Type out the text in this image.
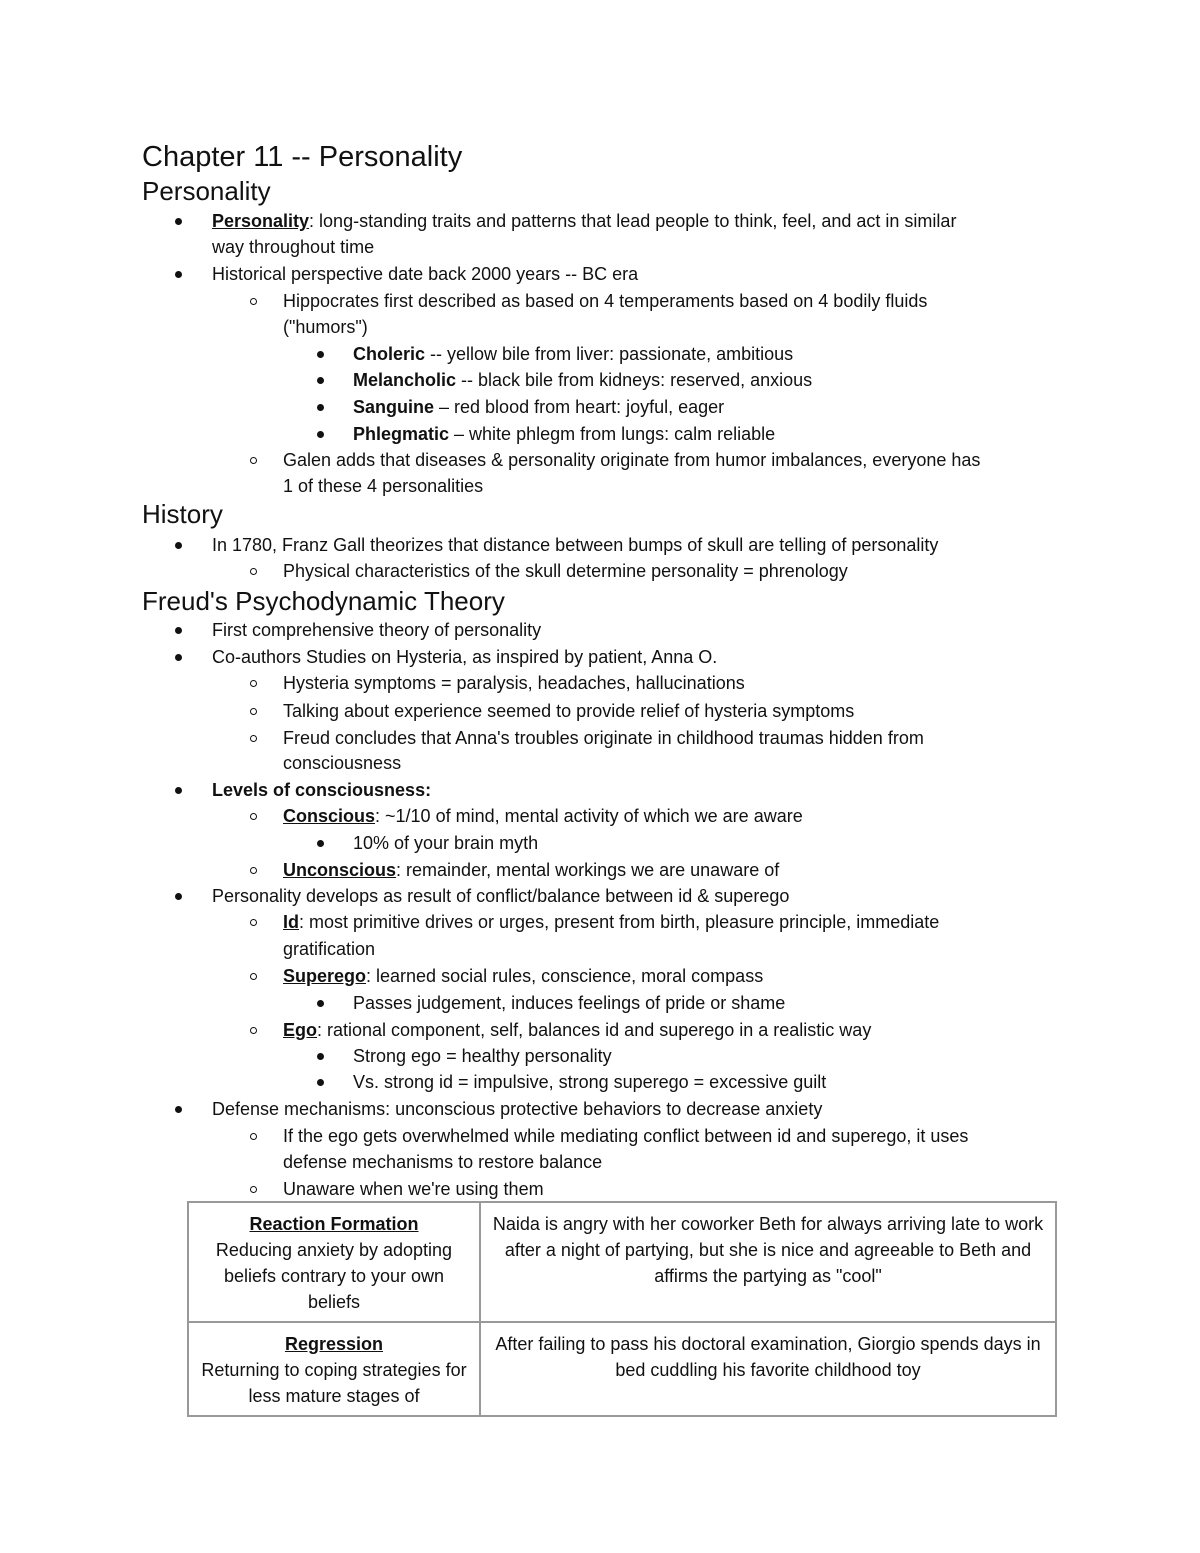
Chapter 11 -- Personality
Personality
Personality: long-standing traits and patterns that lead people to think, feel, and act in similar
way throughout time
Historical perspective date back 2000 years -- BC era
Hippocrates first described as based on 4 temperaments based on 4 bodily fluids
("humors")
Choleric -- yellow bile from liver: passionate, ambitious
Melancholic -- black bile from kidneys: reserved, anxious
Sanguine – red blood from heart: joyful, eager
Phlegmatic – white phlegm from lungs: calm reliable
Galen adds that diseases & personality originate from humor imbalances, everyone has
1 of these 4 personalities
History
In 1780, Franz Gall theorizes that distance between bumps of skull are telling of personality
Physical characteristics of the skull determine personality = phrenology
Freud's Psychodynamic Theory
First comprehensive theory of personality
Co-authors Studies on Hysteria, as inspired by patient, Anna O.
Hysteria symptoms = paralysis, headaches, hallucinations
Talking about experience seemed to provide relief of hysteria symptoms
Freud concludes that Anna's troubles originate in childhood traumas hidden from
consciousness
Levels of consciousness:
Conscious: ~1/10 of mind, mental activity of which we are aware
10% of your brain myth
Unconscious: remainder, mental workings we are unaware of
Personality develops as result of conflict/balance between id & superego
Id: most primitive drives or urges, present from birth, pleasure principle, immediate
gratification
Superego: learned social rules, conscience, moral compass
Passes judgement, induces feelings of pride or shame
Ego: rational component, self, balances id and superego in a realistic way
Strong ego = healthy personality
Vs. strong id = impulsive, strong superego = excessive guilt
Defense mechanisms: unconscious protective behaviors to decrease anxiety
If the ego gets overwhelmed while mediating conflict between id and superego, it uses
defense mechanisms to restore balance
Unaware when we're using them
Reaction Formation
Reducing anxiety by adopting beliefs contrary to your own beliefs	Naida is angry with her coworker Beth for always arriving late to work after a night of partying, but she is nice and agreeable to Beth and affirms the partying as "cool"

Regression
Returning to coping strategies for less mature stages of	After failing to pass his doctoral examination, Giorgio spends days in bed cuddling his favorite childhood toy
